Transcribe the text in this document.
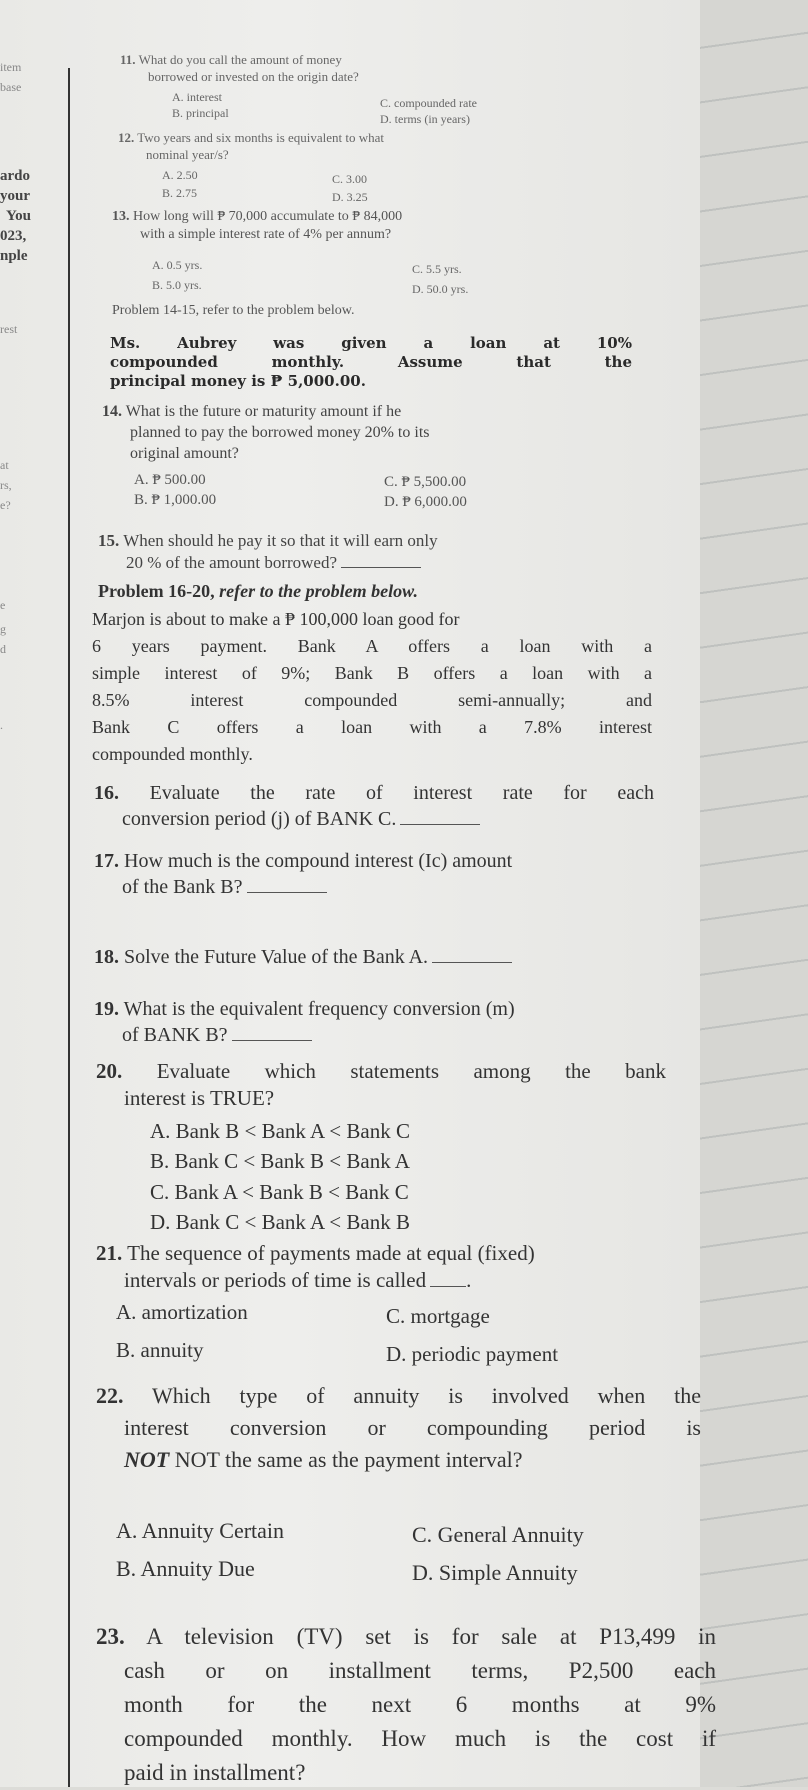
item
base
ardo
your
You
023,
nple
rest
at
rs,
e?
e
g
d
.
11. What do you call the amount of money
borrowed or invested on the origin date?
A. interest
B. principal
C. compounded rate
D. terms (in years)
12. Two years and six months is equivalent to what
nominal year/s?
A. 2.50
B. 2.75
C. 3.00
D. 3.25
13. How long will ₱ 70,000 accumulate to ₱ 84,000
with a simple interest rate of 4% per annum?
A. 0.5 yrs.
B. 5.0 yrs.
C. 5.5 yrs.
D. 50.0 yrs.
Problem 14-15, refer to the problem below.
Ms. Aubrey was given a loan at 10%
compounded monthly. Assume that the
principal money is ₱ 5,000.00.
14. What is the future or maturity amount if he
planned to pay the borrowed money 20% to its
original amount?
A. ₱ 500.00
B. ₱ 1,000.00
C. ₱ 5,500.00
D. ₱ 6,000.00
15. When should he pay it so that it will earn only
20 % of the amount borrowed?
Problem 16-20, refer to the problem below.
Marjon is about to make a ₱ 100,000 loan good for
6 years payment. Bank A offers a loan with a
simple interest of 9%; Bank B offers a loan with a
8.5% interest compounded semi-annually; and
Bank C offers a loan with a 7.8% interest
compounded monthly.
16. Evaluate the rate of interest rate for each
conversion period (j) of BANK C.
17. How much is the compound interest (Ic) amount
of the Bank B?
18. Solve the Future Value of the Bank A.
19. What is the equivalent frequency conversion (m)
of BANK B?
20. Evaluate which statements among the bank
interest is TRUE?
A. Bank B < Bank A < Bank C
B. Bank C < Bank B < Bank A
C. Bank A < Bank B < Bank C
D. Bank C < Bank A < Bank B
21. The sequence of payments made at equal (fixed)
intervals or periods of time is called .
A. amortization
B. annuity
C. mortgage
D. periodic payment
22. Which type of annuity is involved when the
interest conversion or compounding period is
NOT NOT the same as the payment interval?
A. Annuity Certain
B. Annuity Due
C. General Annuity
D. Simple Annuity
23. A television (TV) set is for sale at P13,499 in
cash or on installment terms, P2,500 each
month for the next 6 months at 9%
compounded monthly. How much is the cost if
paid in installment?
